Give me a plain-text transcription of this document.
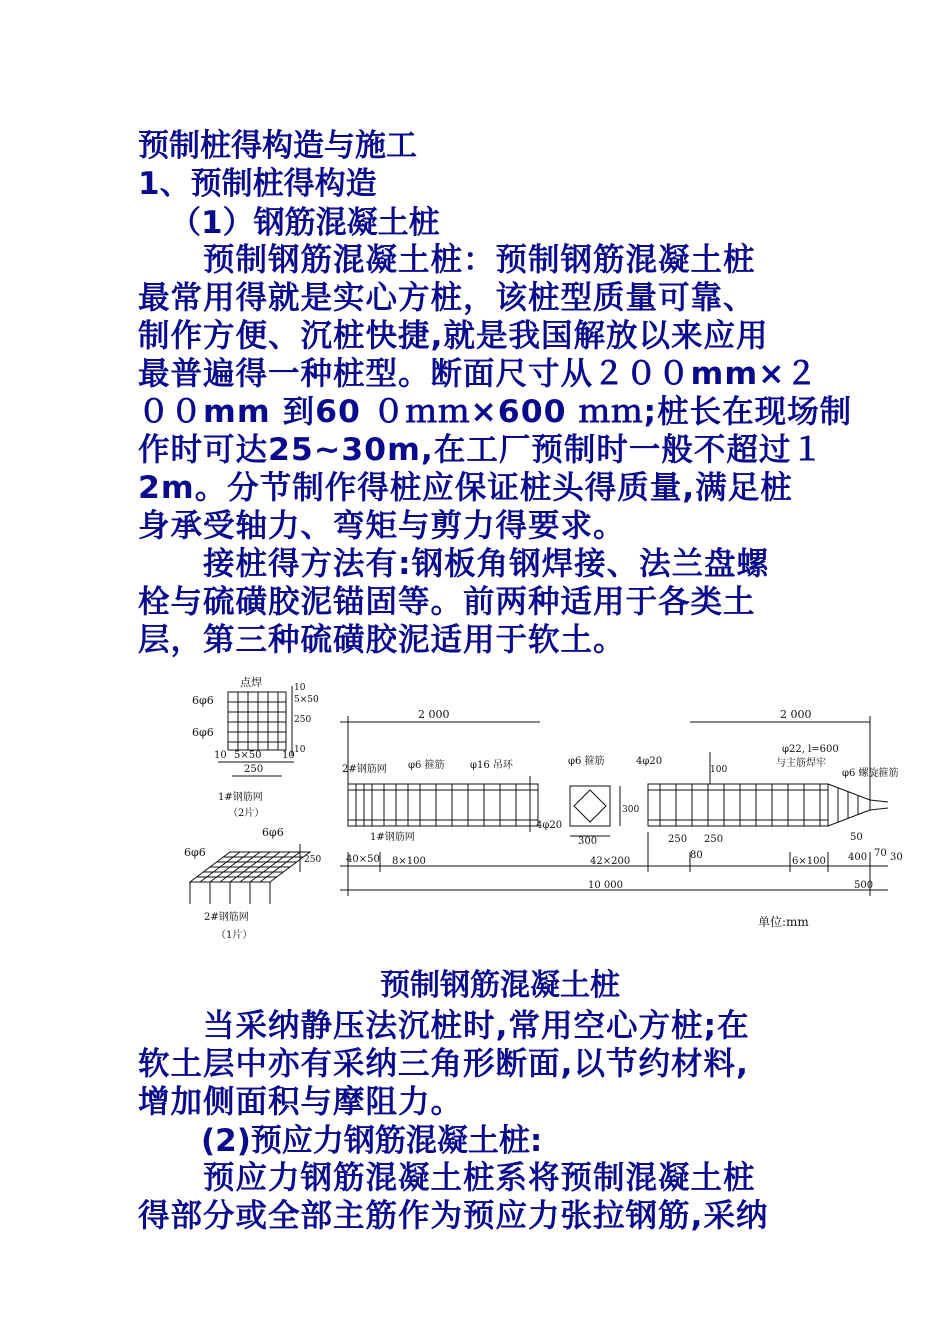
预制桩得构造与施工
1、预制桩得构造
（1）钢筋混凝土桩
　　预制钢筋混凝土桩：预制钢筋混凝土桩
最常用得就是实心方桩，该桩型质量可靠、
制作方便、沉桩快捷,就是我国解放以来应用
最普遍得一种桩型。断面尺寸从２００mm×２
００mm 到60 ０ｍｍ×600 ｍｍ;桩长在现场制
作时可达25~30m,在工厂预制时一般不超过１
2m。分节制作得桩应保证桩头得质量,满足桩
身承受轴力、弯矩与剪力得要求。
　　接桩得方法有:钢板角钢焊接、法兰盘螺
栓与硫磺胶泥锚固等。前两种适用于各类土
层，第三种硫磺胶泥适用于软土。
点焊
6φ6
6φ6
10
5×50
250
10
10 5×50 10
250
1#钢筋网
（2片）
6φ6
6φ6
250
2#钢筋网
（1片）
2 000
2#钢筋网 φ6 箍筋	φ16 吊环	φ6 箍筋	4φ20
100
2 000
φ22, l=600
与主筋焊牢
φ6 螺旋箍筋
4φ20
300
300
1#钢筋网	250 250	50
40×50 8×100	42×200
80
6×100 400 70 30
10 000	500
单位:mm
预制钢筋混凝土桩
　　当采纳静压法沉桩时,常用空心方桩;在
软土层中亦有采纳三角形断面,以节约材料,
增加侧面积与摩阻力。
　(2)预应力钢筋混凝土桩:
　　预应力钢筋混凝土桩系将预制混凝土桩
得部分或全部主筋作为预应力张拉钢筋,采纳
